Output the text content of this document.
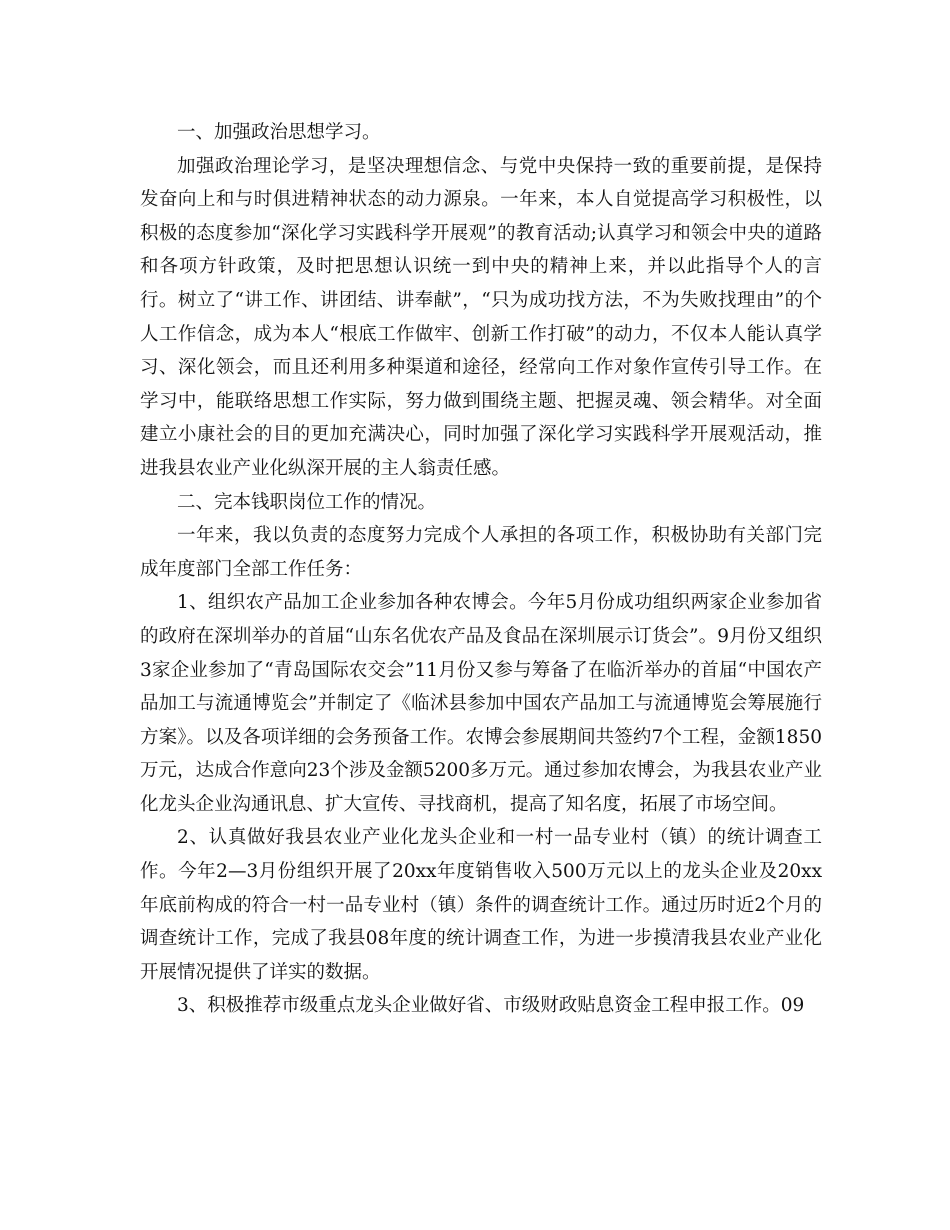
一、加强政治思想学习。

加强政治理论学习，是坚决理想信念、与党中央保持一致的重要前提，是保持发奋向上和与时俱进精神状态的动力源泉。一年来，本人自觉提高学习积极性，以积极的态度参加“深化学习实践科学开展观”的教育活动;认真学习和领会中央的道路和各项方针政策，及时把思想认识统一到中央的精神上来，并以此指导个人的言行。树立了“讲工作、讲团结、讲奉献”，“只为成功找方法，不为失败找理由”的个人工作信念，成为本人“根底工作做牢、创新工作打破”的动力，不仅本人能认真学习、深化领会，而且还利用多种渠道和途径，经常向工作对象作宣传引导工作。在学习中，能联络思想工作实际，努力做到围绕主题、把握灵魂、领会精华。对全面建立小康社会的目的更加充满决心，同时加强了深化学习实践科学开展观活动，推进我县农业产业化纵深开展的主人翁责任感。

二、完本钱职岗位工作的情况。

一年来，我以负责的态度努力完成个人承担的各项工作，积极协助有关部门完成年度部门全部工作任务：

1、组织农产品加工企业参加各种农博会。今年5月份成功组织两家企业参加省的政府在深圳举办的首届“山东名优农产品及食品在深圳展示订货会”。9月份又组织3家企业参加了“青岛国际农交会”11月份又参与筹备了在临沂举办的首届“中国农产品加工与流通博览会”并制定了《临沭县参加中国农产品加工与流通博览会筹展施行方案》。以及各项详细的会务预备工作。农博会参展期间共签约7个工程，金额1850万元，达成合作意向23个涉及金额5200多万元。通过参加农博会，为我县农业产业化龙头企业沟通讯息、扩大宣传、寻找商机，提高了知名度，拓展了市场空间。

2、认真做好我县农业产业化龙头企业和一村一品专业村（镇）的统计调查工作。今年2—3月份组织开展了20xx年度销售收入500万元以上的龙头企业及20xx年底前构成的符合一村一品专业村（镇）条件的调查统计工作。通过历时近2个月的调查统计工作，完成了我县08年度的统计调查工作，为进一步摸清我县农业产业化开展情况提供了详实的数据。

3、积极推荐市级重点龙头企业做好省、市级财政贴息资金工程申报工作。09
